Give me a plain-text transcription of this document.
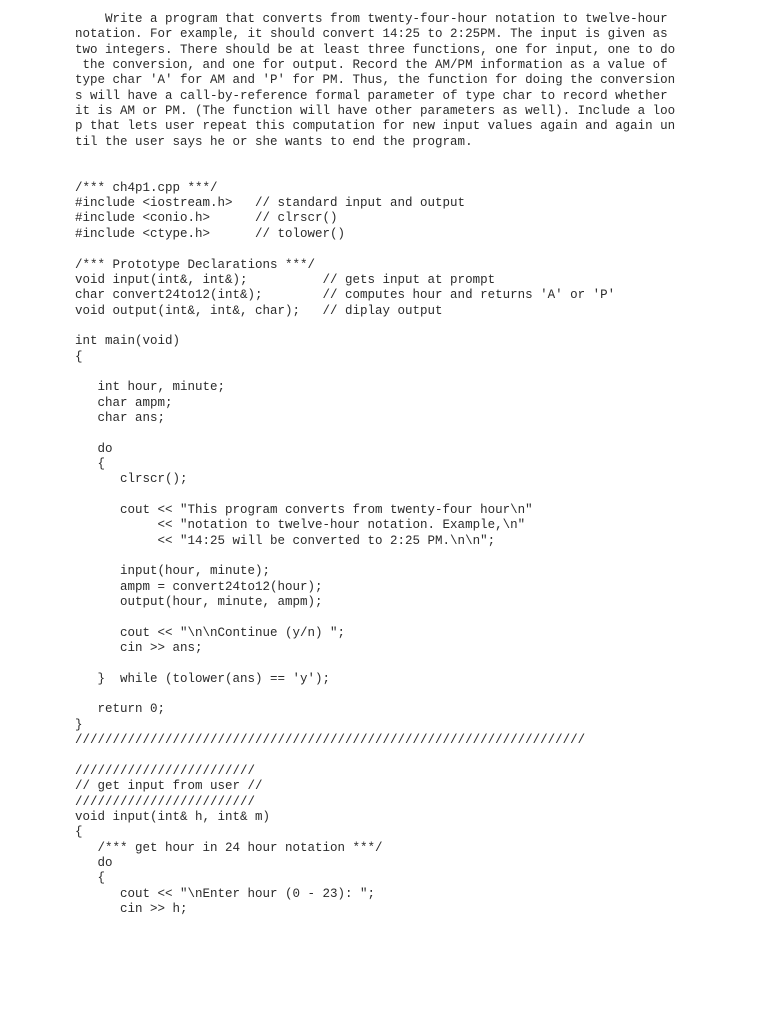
Write a program that converts from twenty-four-hour notation to twelve-hour
notation. For example, it should convert 14:25 to 2:25PM. The input is given as
two integers. There should be at least three functions, one for input, one to do
the conversion, and one for output. Record the AM/PM information as a value of
type char 'A' for AM and 'P' for PM. Thus, the function for doing the conversion
s will have a call-by-reference formal parameter of type char to record whether
it is AM or PM. (The function will have other parameters as well). Include a loo
p that lets user repeat this computation for new input values again and again un
til the user says he or she wants to end the program.
/*** ch4p1.cpp ***/
#include <iostream.h>   // standard input and output
#include <conio.h>      // clrscr()
#include <ctype.h>      // tolower()
/*** Prototype Declarations ***/
void input(int&, int&);          // gets input at prompt
char convert24to12(int&);        // computes hour and returns 'A' or 'P'
void output(int&, int&, char);   // diplay output
int main(void)
{
int hour, minute;
char ampm;
char ans;
do
{
clrscr();
cout << "This program converts from twenty-four hour\n"
<< "notation to twelve-hour notation. Example,\n"
<< "14:25 will be converted to 2:25 PM.\n\n";
input(hour, minute);
ampm = convert24to12(hour);
output(hour, minute, ampm);
cout << "\n\nContinue (y/n) ";
cin >> ans;
}  while (tolower(ans) == 'y');
return 0;
}
////////////////////////////////////////////////////////////////////
////////////////////////
// get input from user //
////////////////////////
void input(int& h, int& m)
{
/*** get hour in 24 hour notation ***/
do
{
cout << "\nEnter hour (0 - 23): ";
cin >> h;
